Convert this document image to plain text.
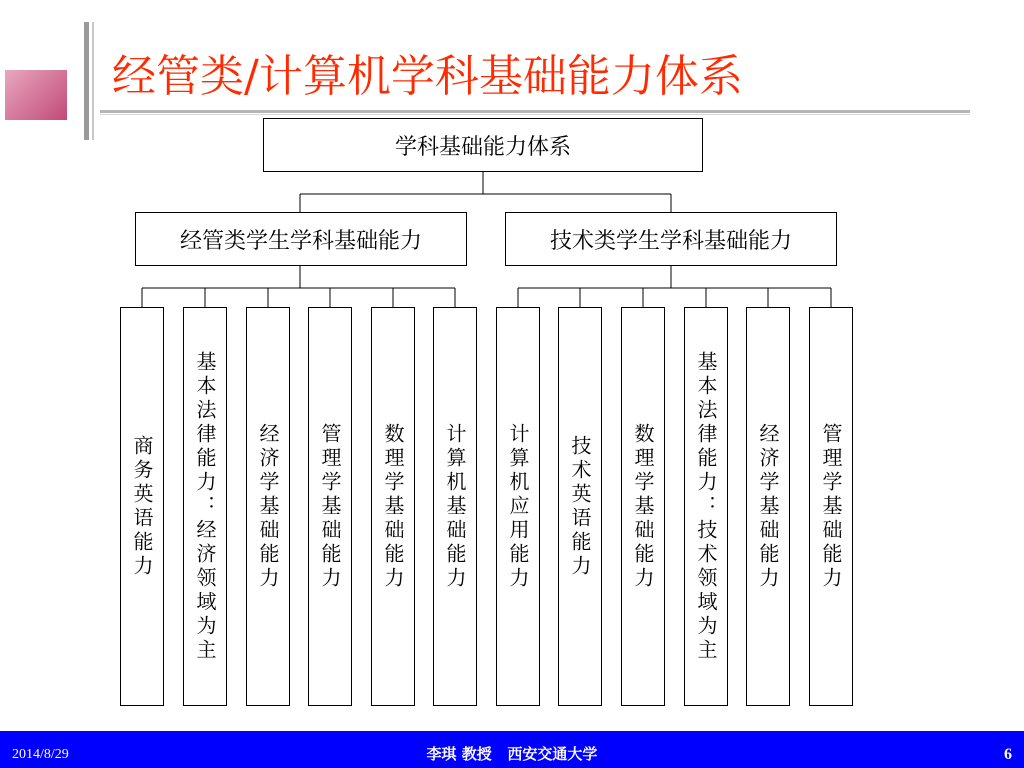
经管类/计算机学科基础能力体系
学科基础能力体系
经管类学生学科基础能力	技术类学生学科基础能力
商务英语能力	基本法律能力：经济领域为主	经济学基础能力	管理学基础能力	数理学基础能力	计算机基础能力	计算机应用能力	技术英语能力	数理学基础能力	基本法律能力：技术领域为主	经济学基础能力	管理学基础能力
2014/8/29	李琪 教授   西安交通大学	6
